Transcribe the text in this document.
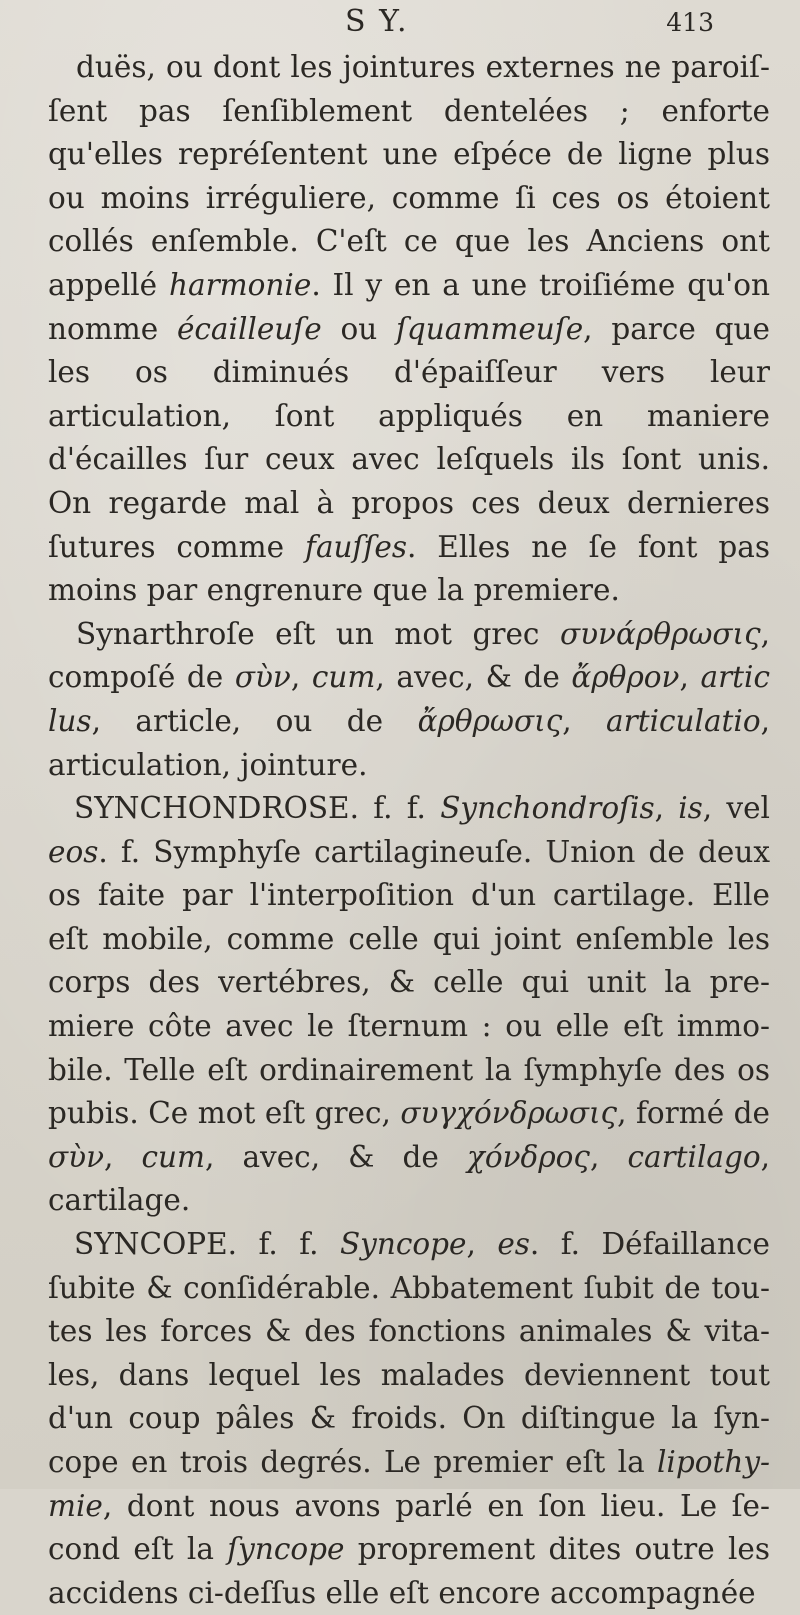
S Y.	413

duës, ou dont les jointures externes ne paroiſſent pas ſenſiblement dentelées ; enforte qu'elles repréſentent une eſpéce de ligne plus ou moins irréguliere, comme ſi ces os étoient collés enſemble. C'eſt ce que les Anciens ont appellé harmonie. Il y en a une troiſiéme qu'on nomme écailleuſe ou ſquammeuſe, parce que les os diminués d'épaiſſeur vers leur articulation, ſont appliqués en maniere d'écailles ſur ceux avec leſquels ils ſont unis. On regarde mal à propos ces deux dernieres ſutures comme fauſſes. Elles ne ſe font pas moins par engrenure que la premiere.

Synarthroſe eſt un mot grec συνάρθρωσις, compoſé de σὺν, cum, avec, & de ἄρθρον, artic lus, article, ou de ἄρθρωσις, articulatio, articulation, jointure.

SYNCHONDROSE. f. f. Synchondroſis, is, vel eos. f. Symphyſe cartilagineuſe. Union de deux os faite par l'interpoſition d'un cartilage. Elle eſt mobile, comme celle qui joint enſemble les corps des vertébres, & celle qui unit la premiere côte avec le ſternum : ou elle eſt immobile. Telle eſt ordinairement la ſymphyſe des os pubis. Ce mot eſt grec, συγχόνδρωσις, formé de σὺν, cum, avec, & de χόνδρος, cartilago, cartilage.

SYNCOPE. f. f. Syncope, es. f. Défaillance ſubite & conſidérable. Abbatement ſubit de toutes les forces & des fonctions animales & vitales, dans lequel les malades deviennent tout d'un coup pâles & froids. On diſtingue la ſyncope en trois degrés. Le premier eſt la lipothymie, dont nous avons parlé en ſon lieu. Le ſecond eſt la ſyncope proprement dites outre les accidens ci-deſſus elle eſt encore accompagnée
